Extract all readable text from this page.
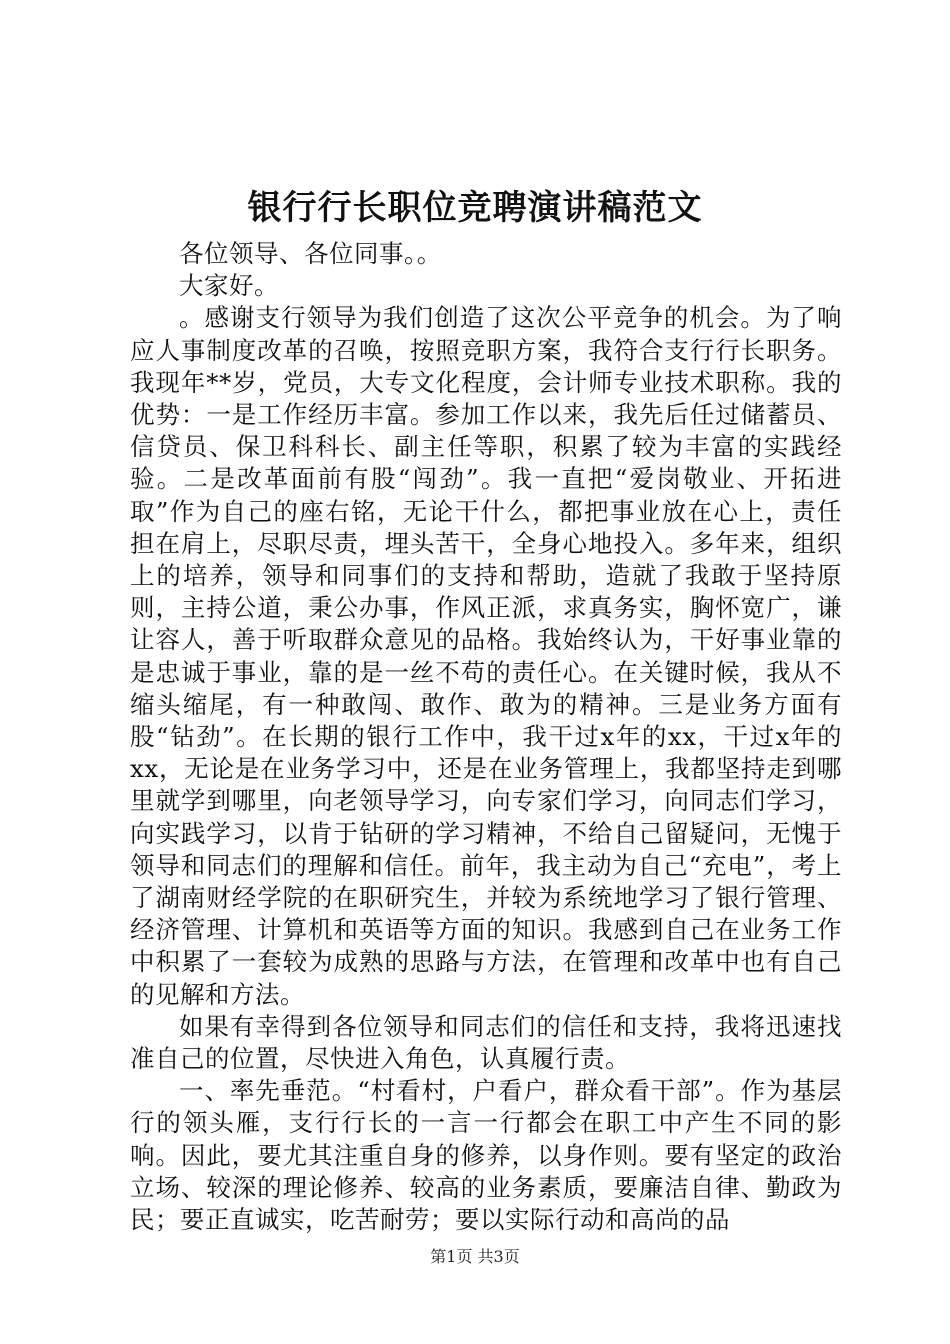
银行行长职位竞聘演讲稿范文

各位领导、各位同事。。

大家好。

。感谢支行领导为我们创造了这次公平竞争的机会。为了响应人事制度改革的召唤，按照竞职方案，我符合支行行长职务。我现年**岁，党员，大专文化程度，会计师专业技术职称。我的优势：一是工作经历丰富。参加工作以来，我先后任过储蓄员、信贷员、保卫科科长、副主任等职，积累了较为丰富的实践经验。二是改革面前有股“闯劲”。我一直把“爱岗敬业、开拓进取”作为自己的座右铭，无论干什么，都把事业放在心上，责任担在肩上，尽职尽责，埋头苦干，全身心地投入。多年来，组织上的培养，领导和同事们的支持和帮助，造就了我敢于坚持原则，主持公道，秉公办事，作风正派，求真务实，胸怀宽广，谦让容人，善于听取群众意见的品格。我始终认为，干好事业靠的是忠诚于事业，靠的是一丝不苟的责任心。在关键时候，我从不缩头缩尾，有一种敢闯、敢作、敢为的精神。三是业务方面有股“钻劲”。在长期的银行工作中，我干过x年的xx，干过x年的xx，无论是在业务学习中，还是在业务管理上，我都坚持走到哪里就学到哪里，向老领导学习，向专家们学习，向同志们学习，向实践学习，以肯于钻研的学习精神，不给自己留疑问，无愧于领导和同志们的理解和信任。前年，我主动为自己“充电”，考上了湖南财经学院的在职研究生，并较为系统地学习了银行管理、经济管理、计算机和英语等方面的知识。我感到自己在业务工作中积累了一套较为成熟的思路与方法，在管理和改革中也有自己的见解和方法。

如果有幸得到各位领导和同志们的信任和支持，我将迅速找准自己的位置，尽快进入角色，认真履行责。

一、率先垂范。“村看村，户看户，群众看干部”。作为基层行的领头雁，支行行长的一言一行都会在职工中产生不同的影响。因此，要尤其注重自身的修养，以身作则。要有坚定的政治立场、较深的理论修养、较高的业务素质，要廉洁自律、勤政为民；要正直诚实，吃苦耐劳；要以实际行动和高尚的品

第1页 共3页
